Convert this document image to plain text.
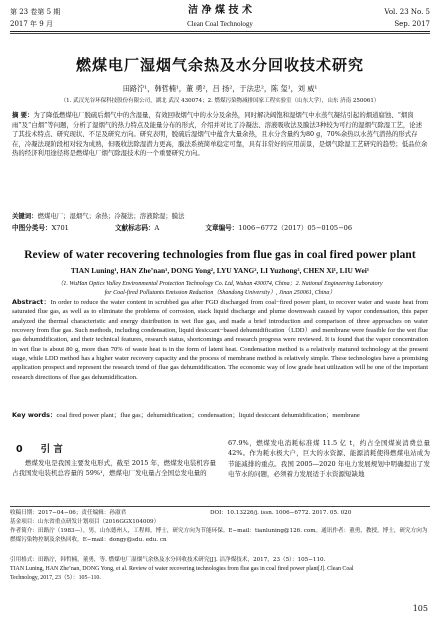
第 23 卷第 5 期	洁 净 煤 技 术	Vol. 23 No. 5
2017 年 9 月	Clean Coal Technology	Sep. 2017
燃煤电厂湿烟气余热及水分回收技术研究
田路泞¹，韩哲楠¹，董 勇²，吕 扬²，于法忠²，陈 玺¹，刘 威¹
（1. 武汉光谷环保科技股份有限公司，湖北 武汉 430074；2. 燃煤污染物减排国家工程实验室（山东大学），山东 济南 250061）
摘 要：为了降低燃煤电厂脱硫后烟气中的含湿量，有效回收烟气中的水分及余热，同时解决阔饱和湿烟气中水蒸气凝结引起的烟道腐蚀、“烟囱雨”及“白烟”等问题，分析了湿烟气的热力特点及能量分布的形式，介绍并对比了冷凝法、溶液吸收法及膜法3种较为可行的湿烟气除湿工艺，论述了其技术特点、研究现状、不足及研究方向。研究表明，脱硫后湿烟气中蕴含大量余热，且水分含量约为80 g，70%余热以水蒸气潜热的形式存在，冷凝法现阶段相对较为成熟，但吸收法除湿潜力更高，膜法系统简单稳定可靠，具有非常好的应用前景，是烟气除湿工艺研究的趋势；低品位余热的经济利用途径将是燃煤电厂烟气除湿技术的一个重要研究方向。
关键词：燃煤电厂；湿烟气；余热；冷凝法；溶液除湿；膜法
中图分类号：X701	文献标志码：A	文章编号：1006−6772（2017）05−0105−06
Review of water recovering technologies from flue gas in coal fired power plant
TIAN Luning¹, HAN Zhe’nan¹, DONG Yong², LYU YANG², LI Yuzhong², CHEN Xi¹, LIU Wei¹
（1. WuHan Optics Valley Environmental Protection Technology Co. Ltd, Wuhan 430074, China；2. National Engineering Laboratory
for Coal-fired Pollutants Emission Reduction（Shandong University）, Jinan 250061, China）
Abstract：In order to reduce the water content in scrubbed gas after FGD discharged from coal−fired power plant, to recover water and waste heat from saturated flue gas, as well as to eliminate the problems of corrosion, stack liquid discharge and plume downwash caused by vapor condensation, this paper analyzed the thermal characteristic and energy distribution in wet flue gas, and made a brief introduction and comparison of three approaches on water recovery from flue gas. Such methods, including condensation, liquid desiccant−based dehumidification（LDD）and membrane were feasible for the wet flue gas dehumidification, and their technical features, research status, shortcomings and research progress were reviewed. It is found that the vapor concentration in wet flue is about 80 g, more than 70% of waste heat is in the form of latent heat. Condensation method is a relatively matured technology at the present stage, while LDD method has a higher water recovery capacity and the process of membrane method is relatively simple. These technologies have a promising application prospect and represent the research trend of flue gas dehumidification. The economic way of low grade heat utilization will be one of the important research directions of flue gas dehumidification.
Key words：coal fired power plant；flue gas；dehumidification；condensation；liquid desiccant dehumidification；membrane
0 引 言
燃煤发电是我国主要发电形式，截至 2015 年，燃煤发电装机容量占我国发电装机总容量的 59%¹，燃煤电厂发电量占全国总发电量的
67.9%，燃煤发电消耗标准煤 11.5 亿 t，约占全国煤炭消费总量 42%。作为耗水极大户，巨大的水资源、能源消耗使得燃煤电站成为节能减排的重点。我国 2005—2020 年电力发展规划中明确提出了发电节水的问题，必须着力发展适于水资源短缺地
收稿日期：2017−04−06；责任编辑：孙淑君	DOI：10.13226/j. issn. 1006−6772. 2017. 05. 020
基金项目：山东省重点研发计划项目（2016GGX104009）
作者简介：田路泞（1983—），男，山东德州人，工程师，博士，研究方向为节能环保。E−mail：tianluning@126. com。通讯作者：董勇，教授，博士，研究方向为燃煤污染物控制及余热回收。E−mail：dongy@sdu. edu. cn
引用格式：田路泞，韩哲楠，董勇，等. 燃煤电厂湿烟气余热及水分回收技术研究[J]. 洁净煤技术，2017，23（5）：105−110.
TIAN Luning, HAN Zhe’nan, DONG Yong, et al. Review of water recovering technologies from flue gas in coal fired power plant[J]. Clean Coal
Technology, 2017, 23（5）：105−110.
105
